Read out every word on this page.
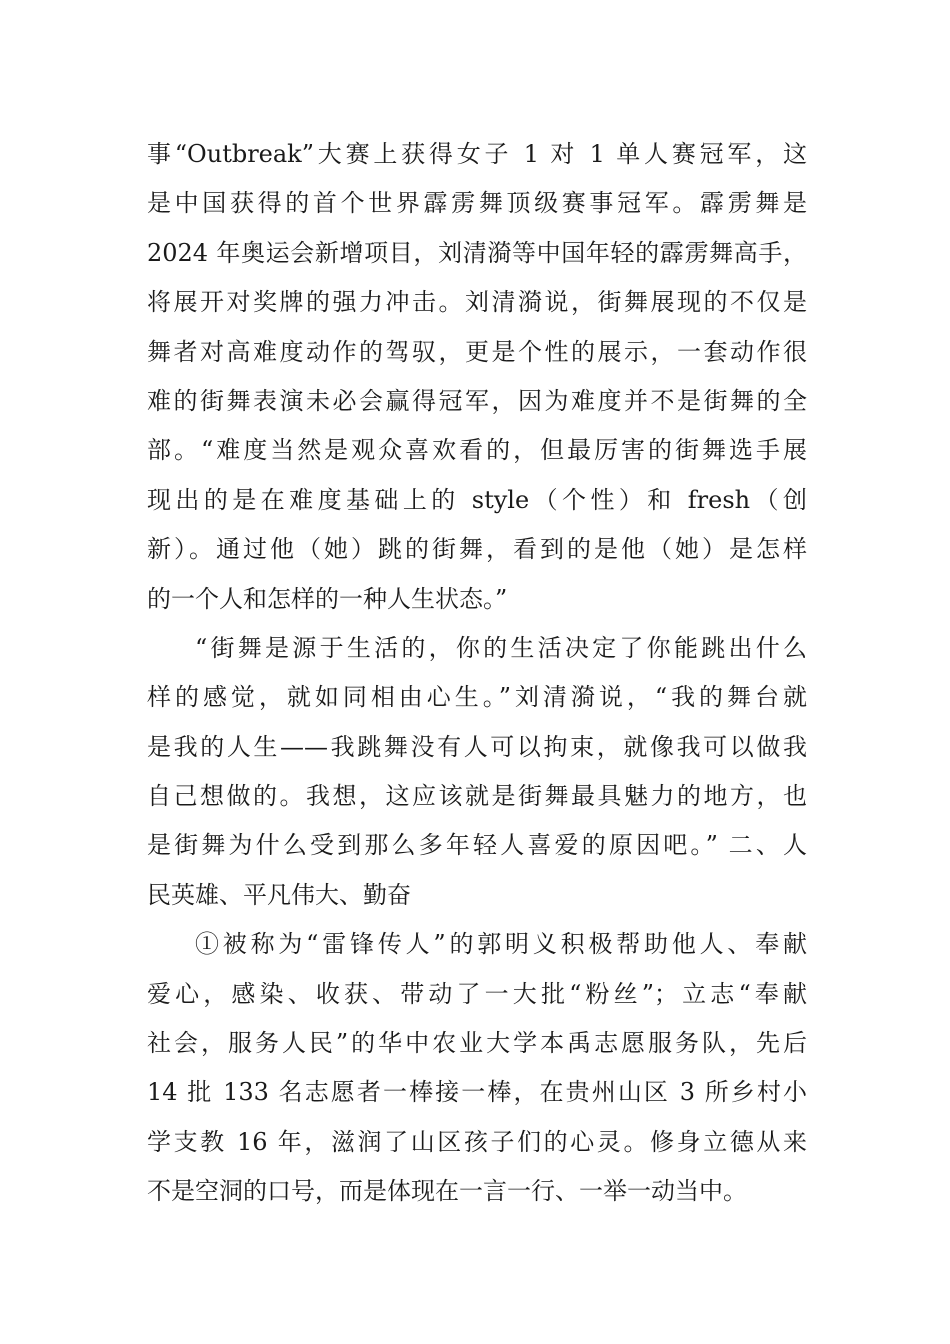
事“Outbreak”大赛上获得女子 1 对 1 单人赛冠军，这
是中国获得的首个世界霹雳舞顶级赛事冠军。霹雳舞是
2024 年奥运会新增项目，刘清漪等中国年轻的霹雳舞高手，
将展开对奖牌的强力冲击。刘清漪说，街舞展现的不仅是
舞者对高难度动作的驾驭，更是个性的展示，一套动作很
难的街舞表演未必会赢得冠军，因为难度并不是街舞的全
部。“难度当然是观众喜欢看的，但最厉害的街舞选手展
现出的是在难度基础上的 style（个性）和 fresh（创
新）。通过他（她）跳的街舞，看到的是他（她）是怎样
的一个人和怎样的一种人生状态。”
“街舞是源于生活的，你的生活决定了你能跳出什么
样的感觉，就如同相由心生。”刘清漪说，“我的舞台就
是我的人生——我跳舞没有人可以拘束，就像我可以做我
自己想做的。我想，这应该就是街舞最具魅力的地方，也
是街舞为什么受到那么多年轻人喜爱的原因吧。” 二、人
民英雄、平凡伟大、勤奋
①被称为“雷锋传人”的郭明义积极帮助他人、奉献
爱心，感染、收获、带动了一大批“粉丝”；立志“奉献
社会，服务人民”的华中农业大学本禹志愿服务队，先后
14 批 133 名志愿者一棒接一棒，在贵州山区 3 所乡村小
学支教 16 年，滋润了山区孩子们的心灵。修身立德从来
不是空洞的口号，而是体现在一言一行、一举一动当中。
